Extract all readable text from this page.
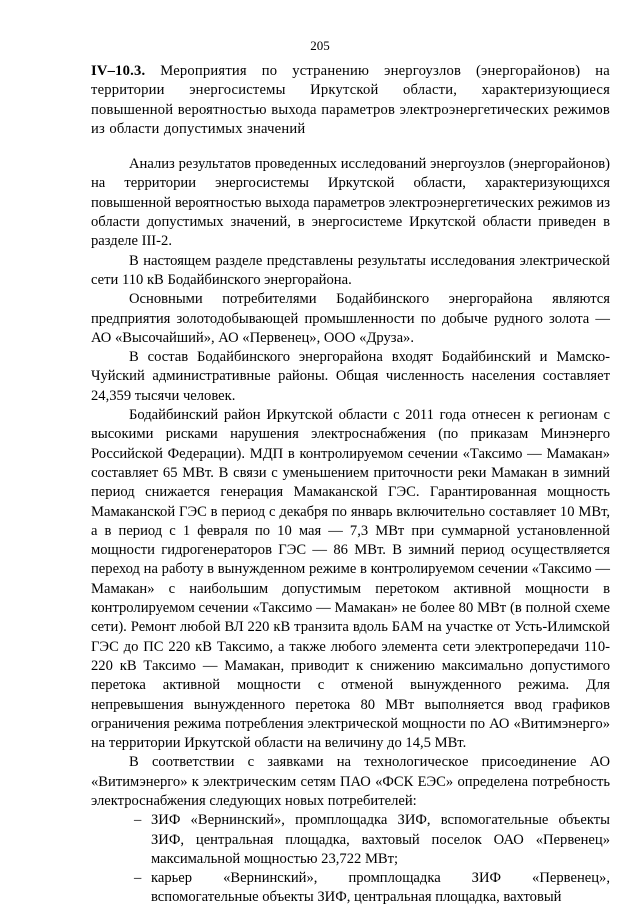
205

IV–10.3. Мероприятия по устранению энергоузлов (энергорайонов) на территории энергосистемы Иркутской области, характеризующиеся повышенной вероятностью выхода параметров электроэнергетических режимов из области допустимых значений

Анализ результатов проведенных исследований энергоузлов (энергорайонов) на территории энергосистемы Иркутской области, характеризующихся повышенной вероятностью выхода параметров электроэнергетических режимов из области допустимых значений, в энергосистеме Иркутской области приведен в разделе III-2.

В настоящем разделе представлены результаты исследования электрической сети 110 кВ Бодайбинского энергорайона.

Основными потребителями Бодайбинского энергорайона являются предприятия золотодобывающей промышленности по добыче рудного золота — АО «Высочайший», АО «Первенец», ООО «Друза».

В состав Бодайбинского энергорайона входят Бодайбинский и Мамско-Чуйский административные районы. Общая численность населения составляет 24,359 тысячи человек.

Бодайбинский район Иркутской области с 2011 года отнесен к регионам с высокими рисками нарушения электроснабжения (по приказам Минэнерго Российской Федерации). МДП в контролируемом сечении «Таксимо — Мамакан» составляет 65 МВт. В связи с уменьшением приточности реки Мамакан в зимний период снижается генерация Мамаканской ГЭС. Гарантированная мощность Мамаканской ГЭС в период с декабря по январь включительно составляет 10 МВт, а в период с 1 февраля по 10 мая — 7,3 МВт при суммарной установленной мощности гидрогенераторов ГЭС — 86 МВт. В зимний период осуществляется переход на работу в вынужденном режиме в контролируемом сечении «Таксимо — Мамакан» с наибольшим допустимым перетоком активной мощности в контролируемом сечении «Таксимо — Мамакан» не более 80 МВт (в полной схеме сети). Ремонт любой ВЛ 220 кВ транзита вдоль БАМ на участке от Усть-Илимской ГЭС до ПС 220 кВ Таксимо, а также любого элемента сети электропередачи 110-220 кВ Таксимо — Мамакан, приводит к снижению максимально допустимого перетока активной мощности с отменой вынужденного режима. Для непревышения вынужденного перетока 80 МВт выполняется ввод графиков ограничения режима потребления электрической мощности по АО «Витимэнерго» на территории Иркутской области на величину до 14,5 МВт.

В соответствии с заявками на технологическое присоединение АО «Витимэнерго» к электрическим сетям ПАО «ФСК ЕЭС» определена потребность электроснабжения следующих новых потребителей:

– ЗИФ «Вернинский», промплощадка ЗИФ, вспомогательные объекты ЗИФ, центральная площадка, вахтовый поселок ОАО «Первенец» максимальной мощностью 23,722 МВт;
– карьер «Вернинский», промплощадка ЗИФ «Первенец», вспомогательные объекты ЗИФ, центральная площадка, вахтовый
